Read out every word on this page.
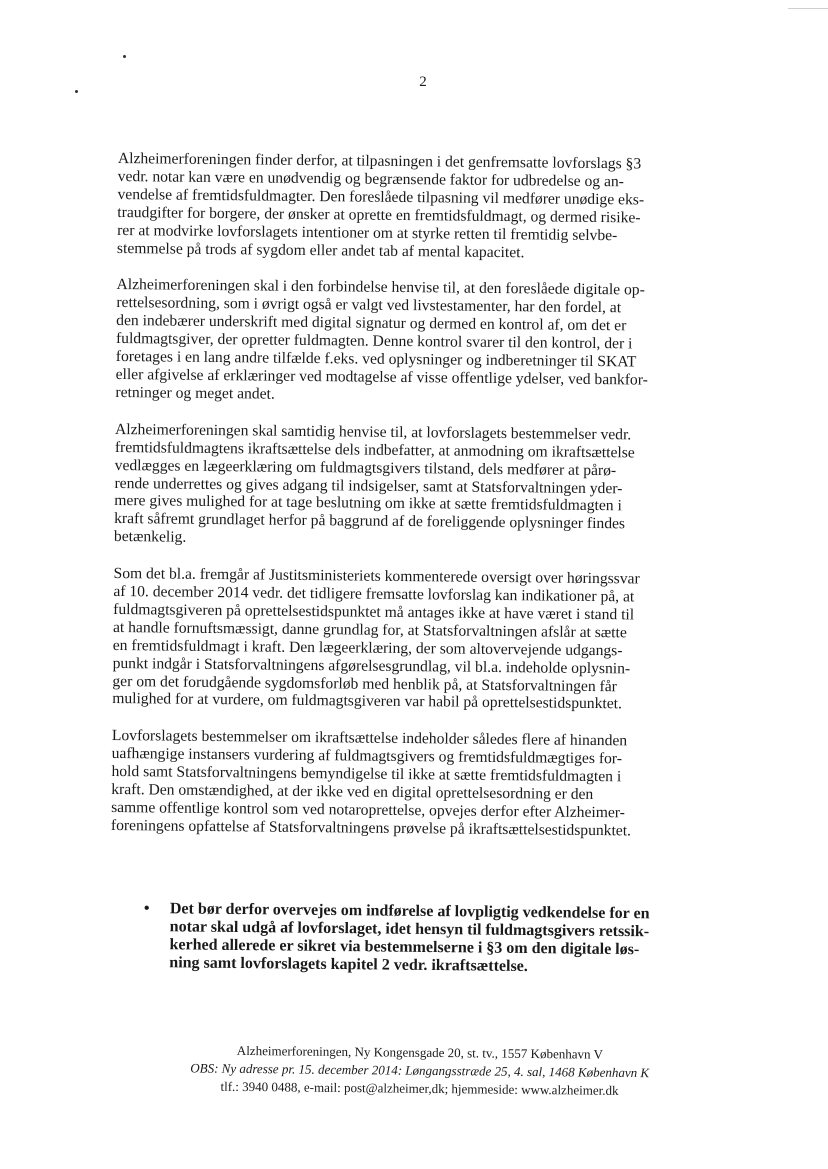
2

Alzheimerforeningen finder derfor, at tilpasningen i det genfremsatte lovforslags §3
vedr. notar kan være en unødvendig og begrænsende faktor for udbredelse og an-
vendelse af fremtidsfuldmagter. Den foreslåede tilpasning vil medfører unødige eks-
traudgifter for borgere, der ønsker at oprette en fremtidsfuldmagt, og dermed risike-
rer at modvirke lovforslagets intentioner om at styrke retten til fremtidig selvbe-
stemmelse på trods af sygdom eller andet tab af mental kapacitet.

Alzheimerforeningen skal i den forbindelse henvise til, at den foreslåede digitale op-
rettelsesordning, som i øvrigt også er valgt ved livstestamenter, har den fordel, at
den indebærer underskrift med digital signatur og dermed en kontrol af, om det er
fuldmagtsgiver, der opretter fuldmagten. Denne kontrol svarer til den kontrol, der i
foretages i en lang andre tilfælde f.eks. ved oplysninger og indberetninger til SKAT
eller afgivelse af erklæringer ved modtagelse af visse offentlige ydelser, ved bankfor-
retninger og meget andet.

Alzheimerforeningen skal samtidig henvise til, at lovforslagets bestemmelser vedr.
fremtidsfuldmagtens ikraftsættelse dels indbefatter, at anmodning om ikraftsættelse
vedlægges en lægeerklæring om fuldmagtsgivers tilstand, dels medfører at pårø-
rende underrettes og gives adgang til indsigelser, samt at Statsforvaltningen yder-
mere gives mulighed for at tage beslutning om ikke at sætte fremtidsfuldmagten i
kraft såfremt grundlaget herfor på baggrund af de foreliggende oplysninger findes
betænkelig.

Som det bl.a. fremgår af Justitsministeriets kommenterede oversigt over høringssvar
af 10. december 2014 vedr. det tidligere fremsatte lovforslag kan indikationer på, at
fuldmagtsgiveren på oprettelsestidspunktet må antages ikke at have været i stand til
at handle fornuftsmæssigt, danne grundlag for, at Statsforvaltningen afslår at sætte
en fremtidsfuldmagt i kraft. Den lægeerklæring, der som altovervejende udgangs-
punkt indgår i Statsforvaltningens afgørelsesgrundlag, vil bl.a. indeholde oplysnin-
ger om det forudgående sygdomsforløb med henblik på, at Statsforvaltningen får
mulighed for at vurdere, om fuldmagtsgiveren var habil på oprettelsestidspunktet.

Lovforslagets bestemmelser om ikraftsættelse indeholder således flere af hinanden
uafhængige instansers vurdering af fuldmagtsgivers og fremtidsfuldmægtiges for-
hold samt Statsforvaltningens bemyndigelse til ikke at sætte fremtidsfuldmagten i
kraft. Den omstændighed, at der ikke ved en digital oprettelsesordning er den
samme offentlige kontrol som ved notaroprettelse, opvejes derfor efter Alzheimer-
foreningens opfattelse af Statsforvaltningens prøvelse på ikraftsættelsestidspunktet.

•	Det bør derfor overvejes om indførelse af lovpligtig vedkendelse for en
notar skal udgå af lovforslaget, idet hensyn til fuldmagtsgivers retssik-
kerhed allerede er sikret via bestemmelserne i §3 om den digitale løs-
ning samt lovforslagets kapitel 2 vedr. ikraftsættelse.
Alzheimerforeningen, Ny Kongensgade 20, st. tv., 1557 København V
OBS: Ny adresse pr. 15. december 2014: Løngangsstræde 25, 4. sal, 1468 København K
tlf.: 3940 0488, e-mail: post@alzheimer,dk; hjemmeside: www.alzheimer.dk
